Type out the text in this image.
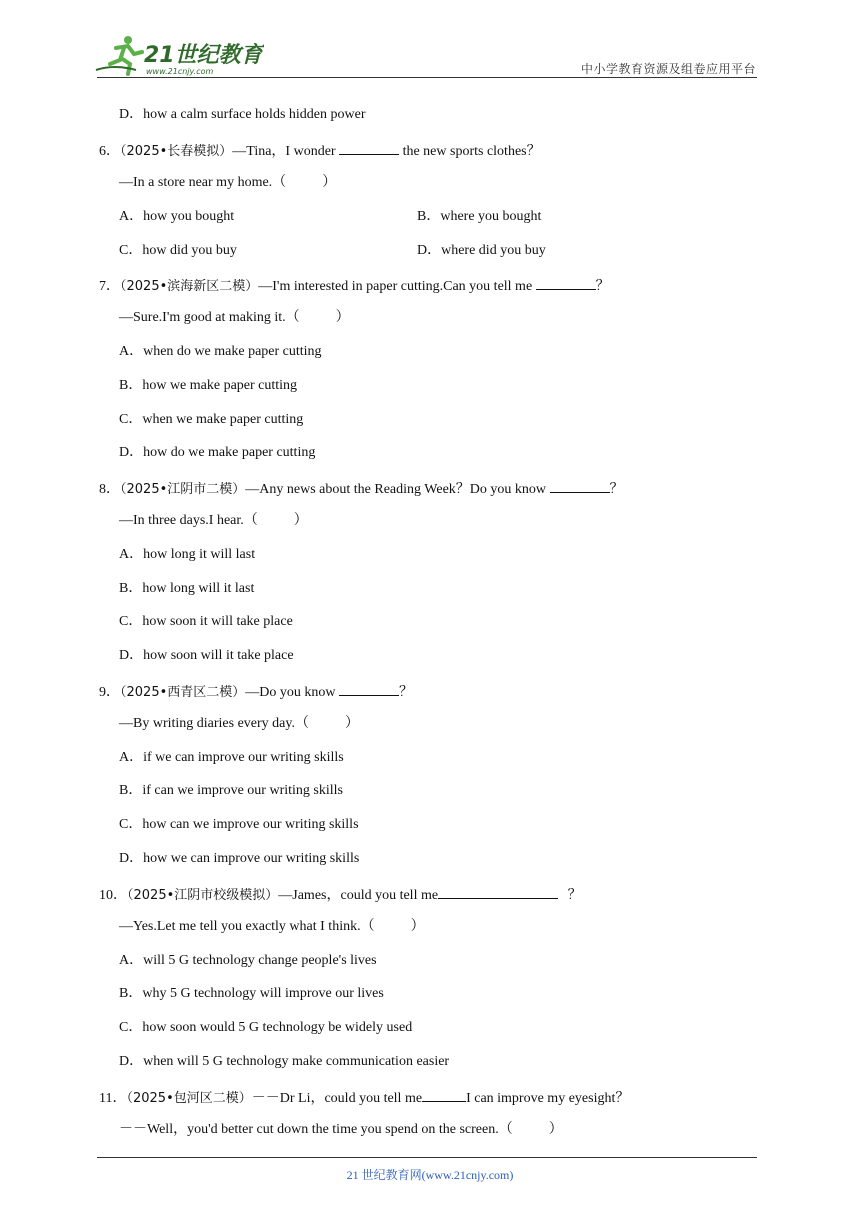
21世纪教育
www.21cnjy.com	中小学教育资源及组卷应用平台
D．how a calm surface holds hidden power
6．（2025•长春模拟）—Tina，I wonder	the new sports clothes？
—In a store near my home.（	）
A．how you bought	B．where you bought
C．how did you buy	D．where did you buy
7．（2025•滨海新区二模）—I'm interested in paper cutting.Can you tell me	？
—Sure.I'm good at making it.（	）
A．when do we make paper cutting
B．how we make paper cutting
C．when we make paper cutting
D．how do we make paper cutting
8．（2025•江阴市二模）—Any news about the Reading Week？Do you know	？
—In three days.I hear.（	）
A．how long it will last
B．how long will it last
C．how soon it will take place
D．how soon will it take place
9．（2025•西青区二模）—Do you know	？
—By writing diaries every day.（	）
A．if we can improve our writing skills
B．if can we improve our writing skills
C．how can we improve our writing skills
D．how we can improve our writing skills
10．（2025•江阴市校级模拟）—James，could you tell me	？
—Yes.Let me tell you exactly what I think.（	）
A．will 5 G technology change people's lives
B．why 5 G technology will improve our lives
C．how soon would 5 G technology be widely used
D．when will 5 G technology make communication easier
11．（2025•包河区二模）－－Dr Li，could you tell me	I can improve my eyesight？
－－Well，you'd better cut down the time you spend on the screen.（	）
21 世纪教育网(www.21cnjy.com)
